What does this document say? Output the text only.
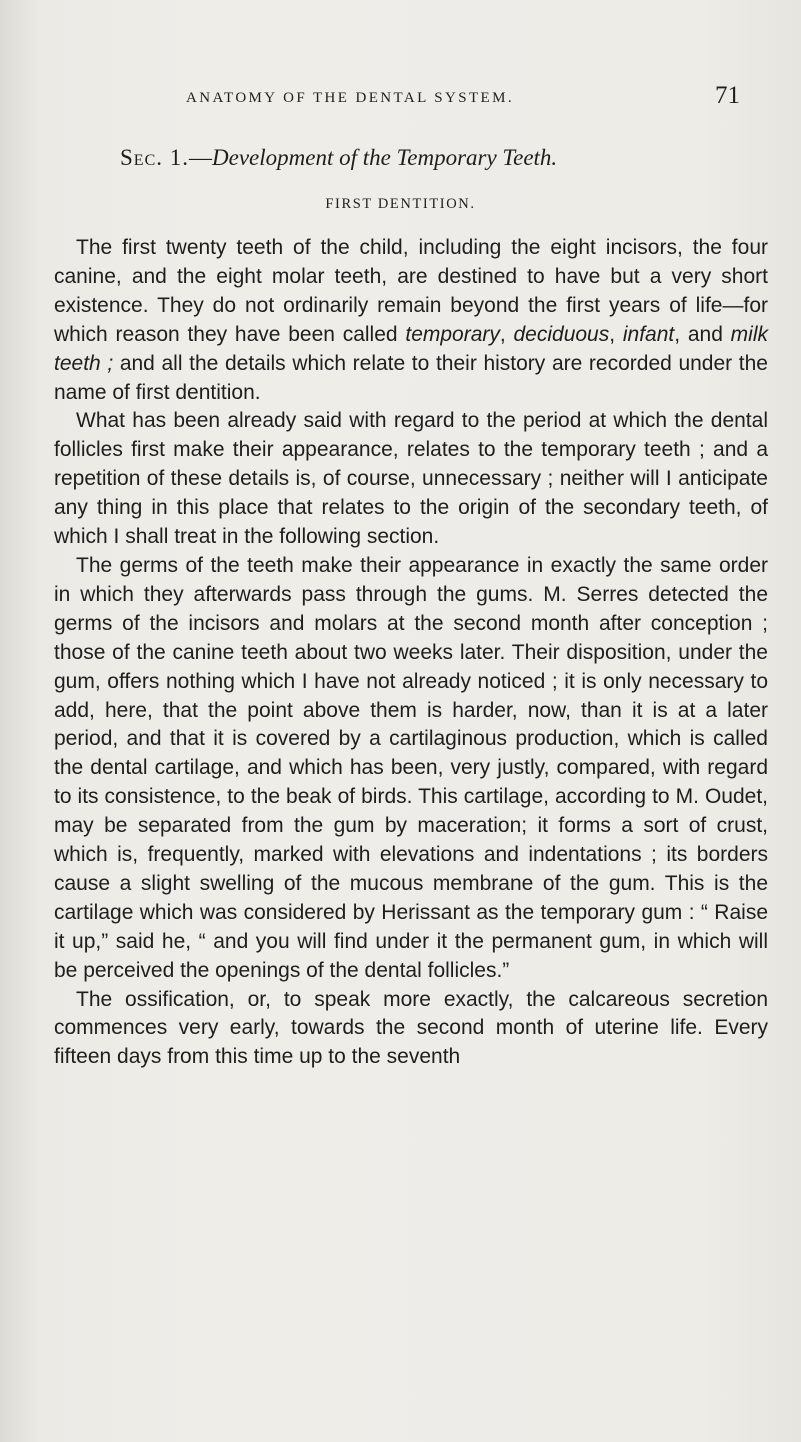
ANATOMY OF THE DENTAL SYSTEM.	71
Sec. 1.—Development of the Temporary Teeth.
FIRST DENTITION.

The first twenty teeth of the child, including the eight incisors, the four canine, and the eight molar teeth, are destined to have but a very short existence. They do not ordinarily remain beyond the first years of life—for which reason they have been called temporary, deciduous, infant, and milk teeth ; and all the details which relate to their history are recorded under the name of first dentition.

What has been already said with regard to the period at which the dental follicles first make their appearance, relates to the temporary teeth ; and a repetition of these details is, of course, unnecessary ; neither will I anticipate any thing in this place that relates to the origin of the secondary teeth, of which I shall treat in the following section.

The germs of the teeth make their appearance in exactly the same order in which they afterwards pass through the gums. M. Serres detected the germs of the incisors and molars at the second month after conception ; those of the canine teeth about two weeks later. Their disposition, under the gum, offers nothing which I have not already noticed ; it is only necessary to add, here, that the point above them is harder, now, than it is at a later period, and that it is covered by a cartilaginous production, which is called the dental cartilage, and which has been, very justly, compared, with regard to its consistence, to the beak of birds. This cartilage, according to M. Oudet, may be separated from the gum by maceration; it forms a sort of crust, which is, frequently, marked with elevations and indentations ; its borders cause a slight swelling of the mucous membrane of the gum. This is the cartilage which was considered by Herissant as the temporary gum : “ Raise it up,” said he, “ and you will find under it the permanent gum, in which will be perceived the openings of the dental follicles.”

The ossification, or, to speak more exactly, the calcareous secretion commences very early, towards the second month of uterine life. Every fifteen days from this time up to the seventh
